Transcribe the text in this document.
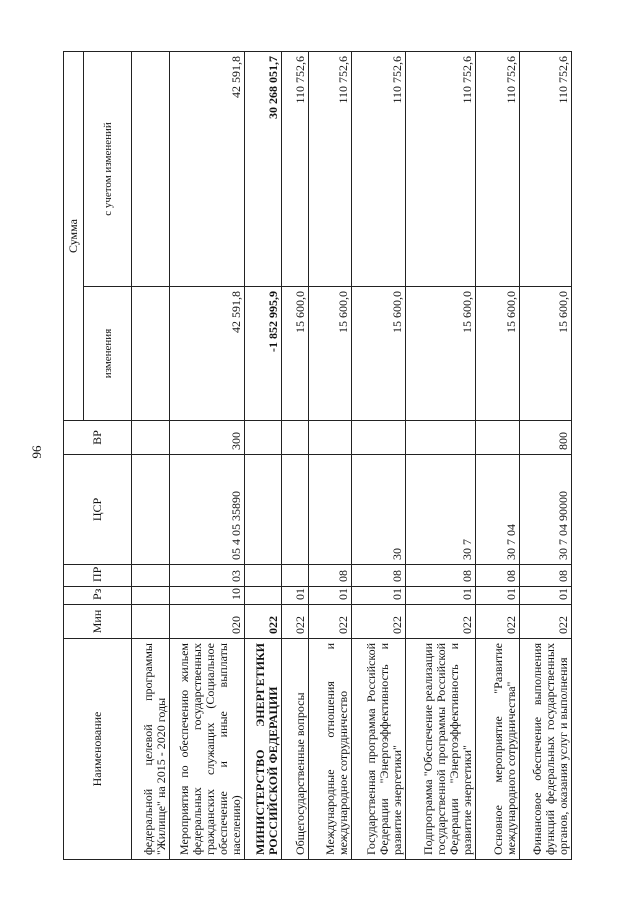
96
Наименование	Мин	Рз	ПР	ЦСР	ВР	Сумма	
						изменения	с учетом изменений
федеральной целевой программы "Жилище" на 2015 - 2020 годы							
Мероприятия по обеспечению жильем федеральных государственных гражданских служащих (Социальное обеспечение и иные выплаты населению)	020	10	03	05 4 05 35890	300	42 591,8	42 591,8
МИНИСТЕРСТВО ЭНЕРГЕТИКИ РОССИЙСКОЙ ФЕДЕРАЦИИ	022					-1 852 995,9	30 268 051,7
Общегосударственные вопросы	022	01				15 600,0	110 752,6
Международные отношения и международное сотрудничество	022	01	08			15 600,0	110 752,6
Государственная программа Российской Федерации "Энергоэффективность и развитие энергетики"	022	01	08	30		15 600,0	110 752,6
Подпрограмма "Обеспечение реализации государственной программы Российской Федерации "Энергоэффективность и развитие энергетики"	022	01	08	30 7		15 600,0	110 752,6
Основное мероприятие "Развитие международного сотрудничества"	022	01	08	30 7 04		15 600,0	110 752,6
Финансовое обеспечение выполнения функций федеральных государственных органов, оказания услуг и выполнения	022	01	08	30 7 04 90000	800	15 600,0	110 752,6
